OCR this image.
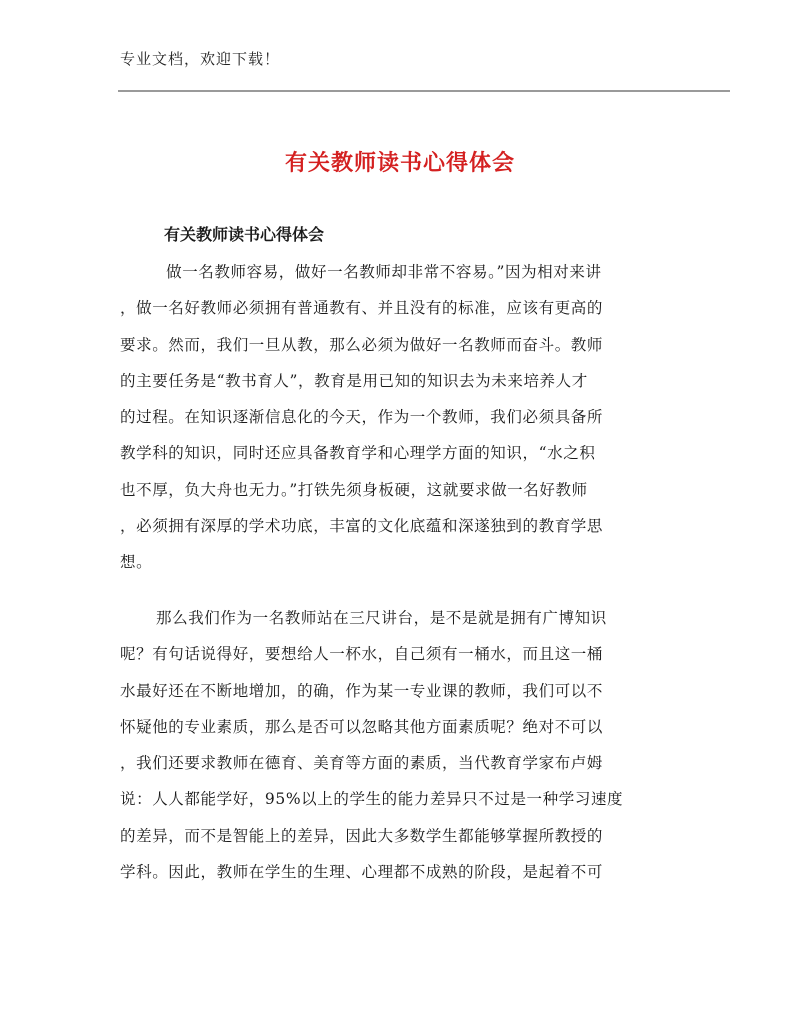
专业文档，欢迎下载！
有关教师读书心得体会
有关教师读书心得体会
　做一名教师容易，做好一名教师却非常不容易。”因为相对来讲
，做一名好教师必须拥有普通教有、并且没有的标准，应该有更高的
要求。然而，我们一旦从教，那么必须为做好一名教师而奋斗。教师
的主要任务是“教书育人”，教育是用已知的知识去为未来培养人才
的过程。在知识逐渐信息化的今天，作为一个教师，我们必须具备所
教学科的知识，同时还应具备教育学和心理学方面的知识，“水之积
也不厚，负大舟也无力。”打铁先须身板硬，这就要求做一名好教师
，必须拥有深厚的学术功底，丰富的文化底蕴和深遂独到的教育学思
想。
那么我们作为一名教师站在三尺讲台，是不是就是拥有广博知识
呢？有句话说得好，要想给人一杯水，自己须有一桶水，而且这一桶
水最好还在不断地增加，的确，作为某一专业课的教师，我们可以不
怀疑他的专业素质，那么是否可以忽略其他方面素质呢？绝对不可以
，我们还要求教师在德育、美育等方面的素质，当代教育学家布卢姆
说：人人都能学好，95%以上的学生的能力差异只不过是一种学习速度
的差异，而不是智能上的差异，因此大多数学生都能够掌握所教授的
学科。因此，教师在学生的生理、心理都不成熟的阶段，是起着不可
